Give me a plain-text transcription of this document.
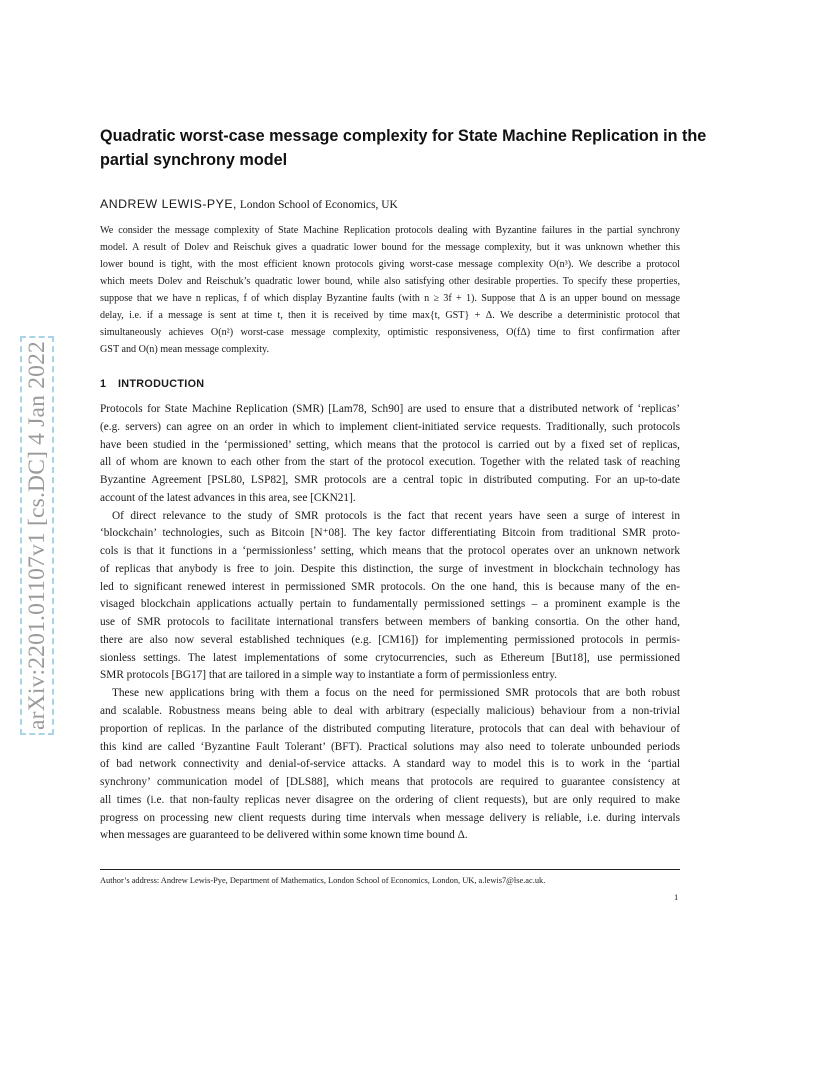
arXiv:2201.01107v1 [cs.DC] 4 Jan 2022
Quadratic worst-case message complexity for State Machine Replication in the
partial synchrony model
ANDREW LEWIS-PYE, London School of Economics, UK
We consider the message complexity of State Machine Replication protocols dealing with Byzantine failures in the partial synchrony
model. A result of Dolev and Reischuk gives a quadratic lower bound for the message complexity, but it was unknown whether this
lower bound is tight, with the most efficient known protocols giving worst-case message complexity O(n³). We describe a protocol
which meets Dolev and Reischuk’s quadratic lower bound, while also satisfying other desirable properties. To specify these properties,
suppose that we have n replicas, f of which display Byzantine faults (with n ≥ 3f + 1). Suppose that Δ is an upper bound on message
delay, i.e. if a message is sent at time t, then it is received by time max{t, GST} + Δ. We describe a deterministic protocol that
simultaneously achieves O(n²) worst-case message complexity, optimistic responsiveness, O(fΔ) time to first confirmation after
GST and O(n) mean message complexity.
1 INTRODUCTION
Protocols for State Machine Replication (SMR) [Lam78, Sch90] are used to ensure that a distributed network of ‘replicas’
(e.g. servers) can agree on an order in which to implement client-initiated service requests. Traditionally, such protocols
have been studied in the ‘permissioned’ setting, which means that the protocol is carried out by a fixed set of replicas,
all of whom are known to each other from the start of the protocol execution. Together with the related task of reaching
Byzantine Agreement [PSL80, LSP82], SMR protocols are a central topic in distributed computing. For an up-to-date
account of the latest advances in this area, see [CKN21].
Of direct relevance to the study of SMR protocols is the fact that recent years have seen a surge of interest in
‘blockchain’ technologies, such as Bitcoin [N⁺08]. The key factor differentiating Bitcoin from traditional SMR proto-
cols is that it functions in a ‘permissionless’ setting, which means that the protocol operates over an unknown network
of replicas that anybody is free to join. Despite this distinction, the surge of investment in blockchain technology has
led to significant renewed interest in permissioned SMR protocols. On the one hand, this is because many of the en-
visaged blockchain applications actually pertain to fundamentally permissioned settings – a prominent example is the
use of SMR protocols to facilitate international transfers between members of banking consortia. On the other hand,
there are also now several established techniques (e.g. [CM16]) for implementing permissioned protocols in permis-
sionless settings. The latest implementations of some crytocurrencies, such as Ethereum [But18], use permissioned
SMR protocols [BG17] that are tailored in a simple way to instantiate a form of permissionless entry.
These new applications bring with them a focus on the need for permissioned SMR protocols that are both robust
and scalable. Robustness means being able to deal with arbitrary (especially malicious) behaviour from a non-trivial
proportion of replicas. In the parlance of the distributed computing literature, protocols that can deal with behaviour of
this kind are called ‘Byzantine Fault Tolerant’ (BFT). Practical solutions may also need to tolerate unbounded periods
of bad network connectivity and denial-of-service attacks. A standard way to model this is to work in the ‘partial
synchrony’ communication model of [DLS88], which means that protocols are required to guarantee consistency at
all times (i.e. that non-faulty replicas never disagree on the ordering of client requests), but are only required to make
progress on processing new client requests during time intervals when message delivery is reliable, i.e. during intervals
when messages are guaranteed to be delivered within some known time bound Δ.
Author’s address: Andrew Lewis-Pye, Department of Mathematics, London School of Economics, London, UK, a.lewis7@lse.ac.uk.
1
